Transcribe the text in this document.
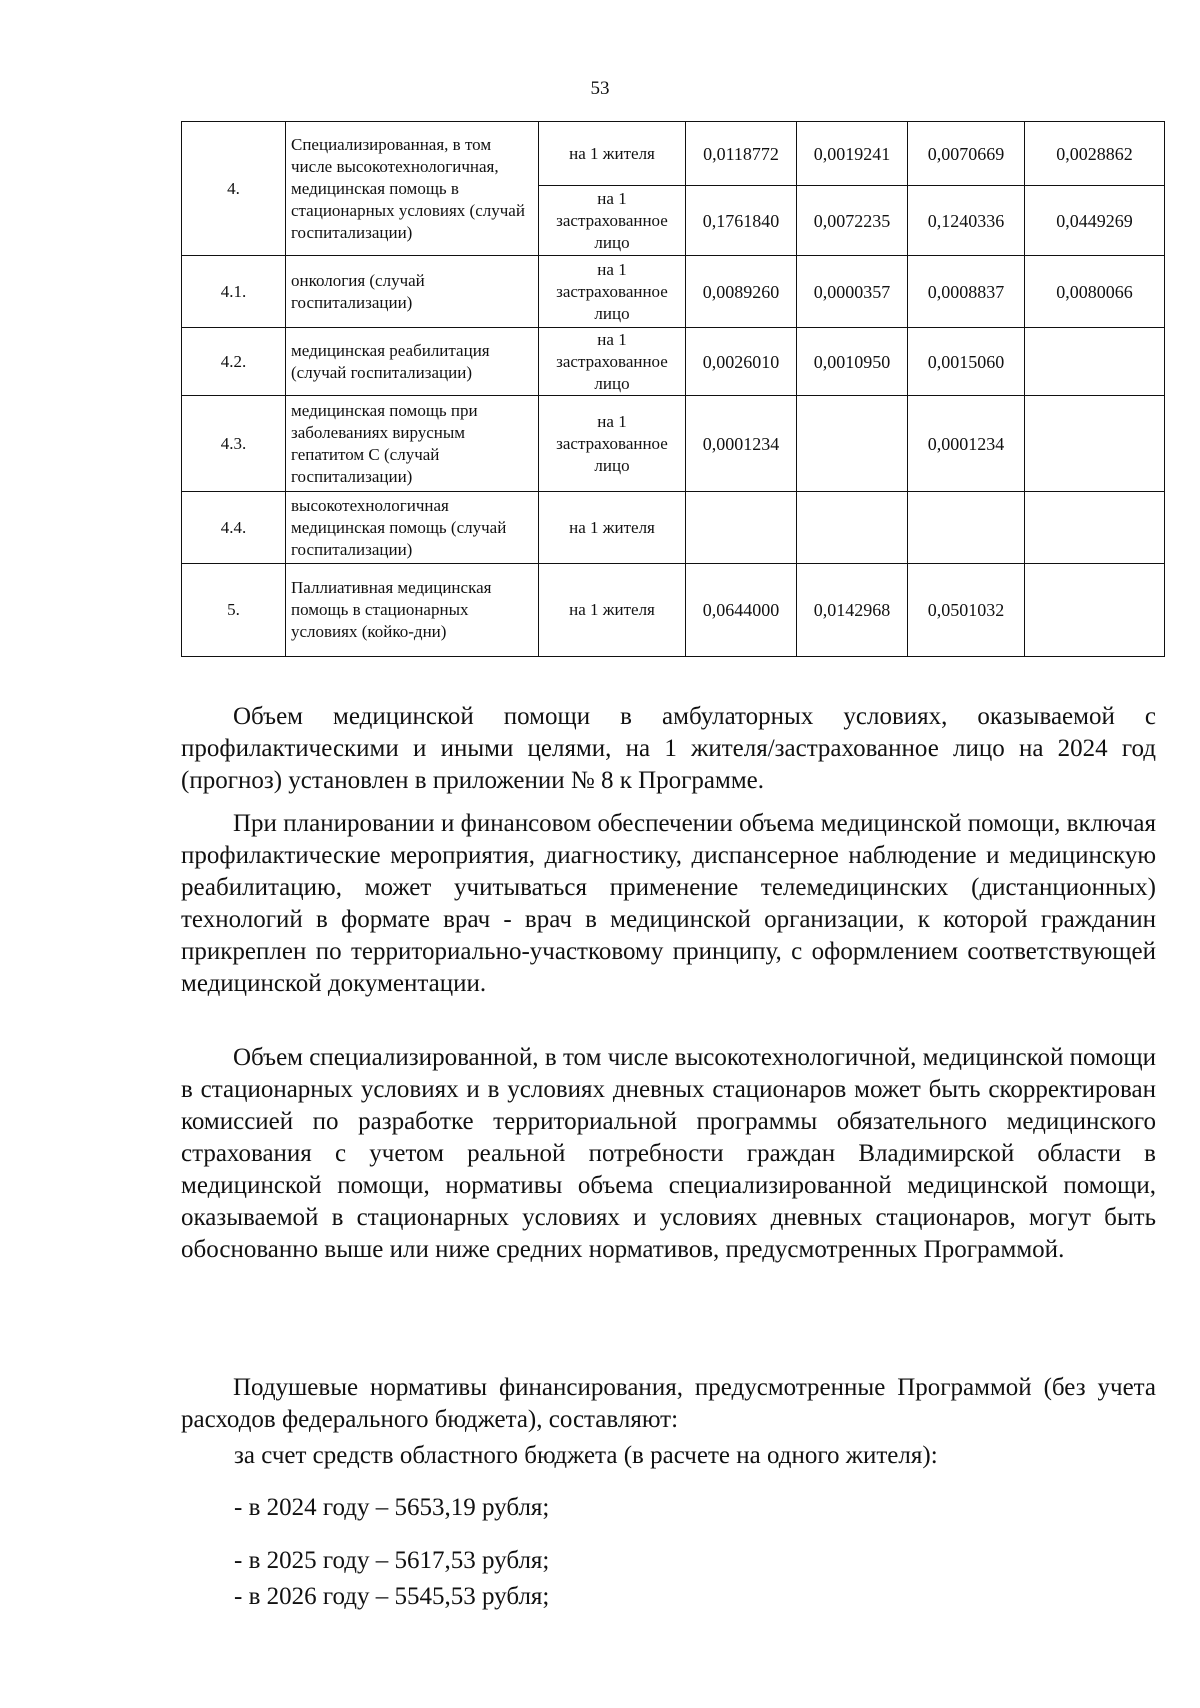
53
4.	Специализированная, в том числе высокотехнологичная, медицинская помощь в стационарных условиях (случай госпитализации)	на 1 жителя	0,0118772	0,0019241	0,0070669	0,0028862
		на 1 застрахованное лицо	0,1761840	0,0072235	0,1240336	0,0449269
4.1.	онкология (случай госпитализации)	на 1 застрахованное лицо	0,0089260	0,0000357	0,0008837	0,0080066
4.2.	медицинская реабилитация (случай госпитализации)	на 1 застрахованное лицо	0,0026010	0,0010950	0,0015060	
4.3.	медицинская помощь при заболеваниях вирусным гепатитом С (случай госпитализации)	на 1 застрахованное лицо	0,0001234		0,0001234	
4.4.	высокотехнологичная медицинская помощь (случай госпитализации)	на 1 жителя				
5.	Паллиативная медицинская помощь в стационарных условиях (койко-дни)	на 1 жителя	0,0644000	0,0142968	0,0501032	

Объем медицинской помощи в амбулаторных условиях, оказываемой с профилактическими и иными целями, на 1 жителя/застрахованное лицо на 2024 год (прогноз) установлен в приложении № 8 к Программе.

При планировании и финансовом обеспечении объема медицинской помощи, включая профилактические мероприятия, диагностику, диспансерное наблюдение и медицинскую реабилитацию, может учитываться применение телемедицинских (дистанционных) технологий в формате врач - врач в медицинской организации, к которой гражданин прикреплен по территориально-участковому принципу, с оформлением соответствующей медицинской документации.

Объем специализированной, в том числе высокотехнологичной, медицинской помощи в стационарных условиях и в условиях дневных стационаров может быть скорректирован комиссией по разработке территориальной программы обязательного медицинского страхования с учетом реальной потребности граждан Владимирской области в медицинской помощи, нормативы объема специализированной медицинской помощи, оказываемой в стационарных условиях и условиях дневных стационаров, могут быть обоснованно выше или ниже средних нормативов, предусмотренных Программой.

Подушевые нормативы финансирования, предусмотренные Программой (без учета расходов федерального бюджета), составляют:

за счет средств областного бюджета (в расчете на одного жителя):
- в 2024 году – 5653,19 рубля;
- в 2025 году – 5617,53 рубля;
- в 2026 году – 5545,53 рубля;
